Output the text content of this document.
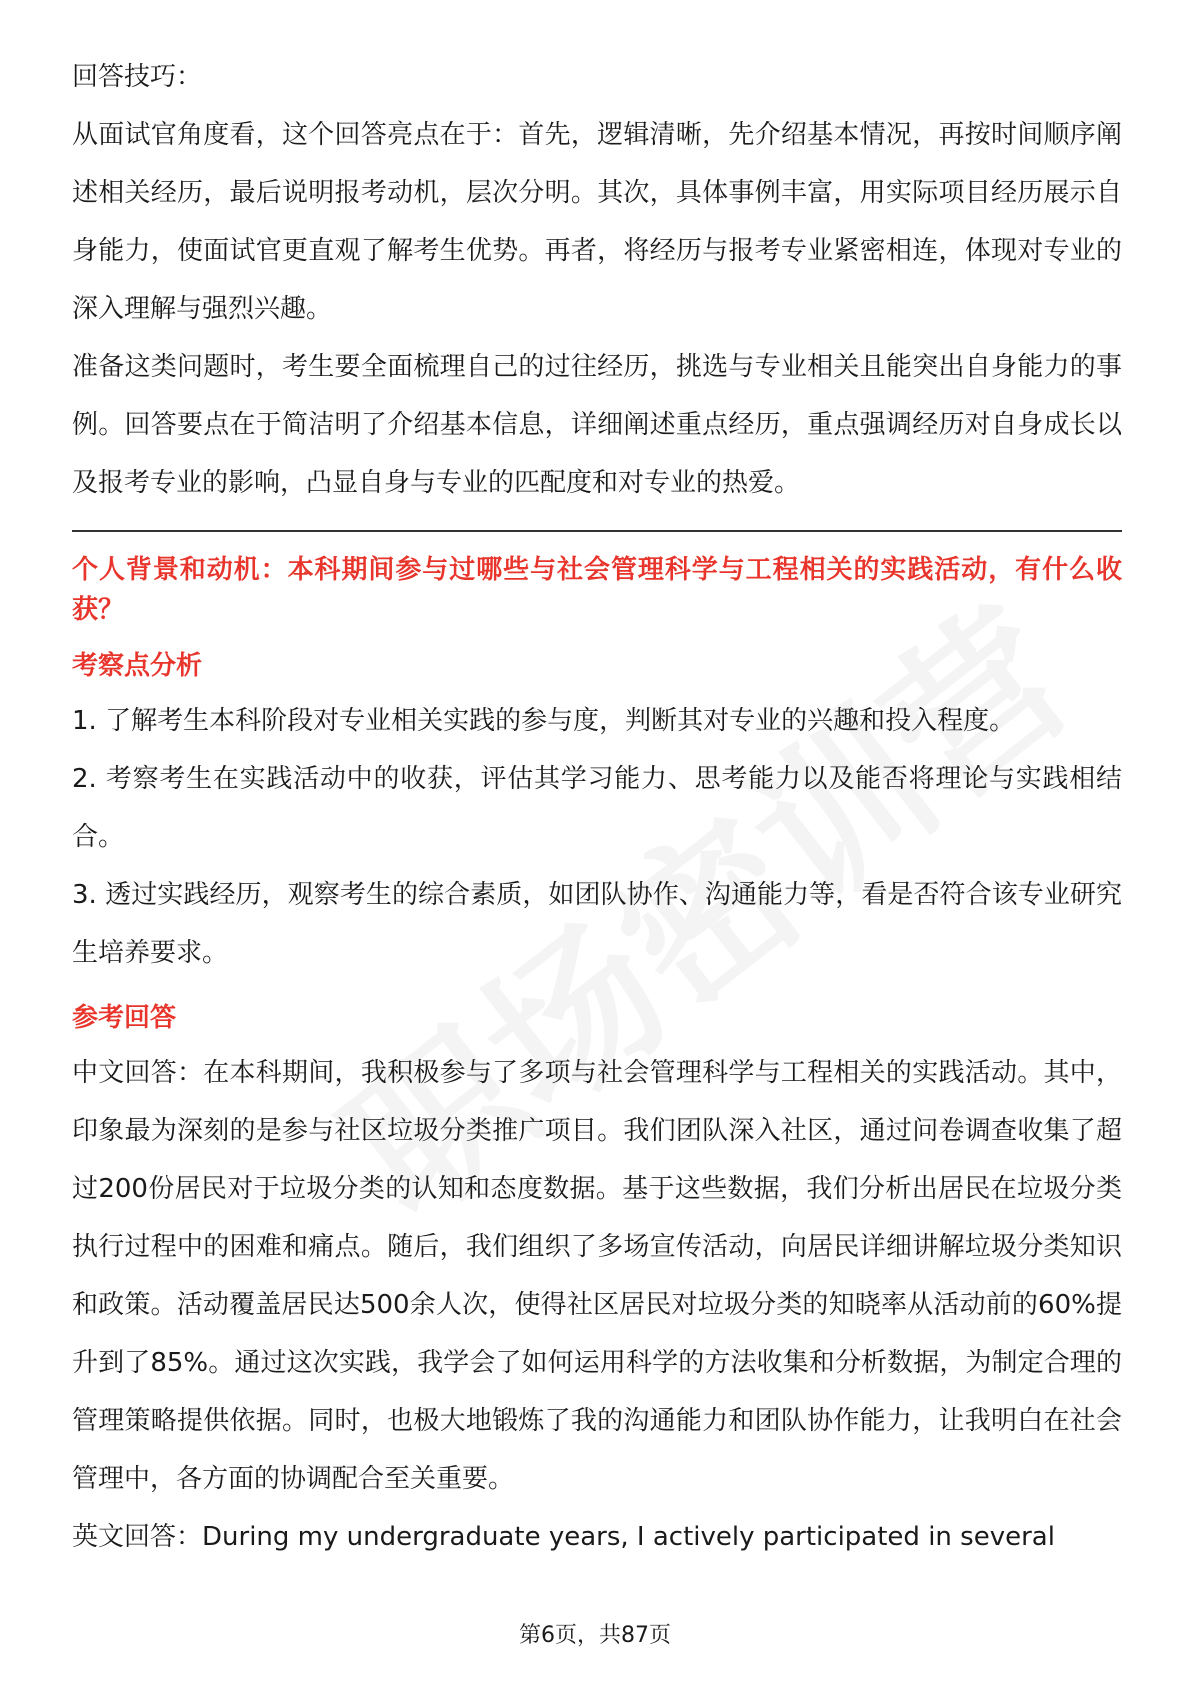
回答技巧：

从面试官角度看，这个回答亮点在于：首先，逻辑清晰，先介绍基本情况，再按时间顺序阐述相关经历，最后说明报考动机，层次分明。其次，具体事例丰富，用实际项目经历展示自身能力，使面试官更直观了解考生优势。再者，将经历与报考专业紧密相连，体现对专业的深入理解与强烈兴趣。

准备这类问题时，考生要全面梳理自己的过往经历，挑选与专业相关且能突出自身能力的事例。回答要点在于简洁明了介绍基本信息，详细阐述重点经历，重点强调经历对自身成长以及报考专业的影响，凸显自身与专业的匹配度和对专业的热爱。

个人背景和动机：本科期间参与过哪些与社会管理科学与工程相关的实践活动，有什么收获？

考察点分析

1. 了解考生本科阶段对专业相关实践的参与度，判断其对专业的兴趣和投入程度。

2. 考察考生在实践活动中的收获，评估其学习能力、思考能力以及能否将理论与实践相结合。

3. 透过实践经历，观察考生的综合素质，如团队协作、沟通能力等，看是否符合该专业研究生培养要求。

参考回答

中文回答：在本科期间，我积极参与了多项与社会管理科学与工程相关的实践活动。其中，印象最为深刻的是参与社区垃圾分类推广项目。我们团队深入社区，通过问卷调查收集了超过200份居民对于垃圾分类的认知和态度数据。基于这些数据，我们分析出居民在垃圾分类执行过程中的困难和痛点。随后，我们组织了多场宣传活动，向居民详细讲解垃圾分类知识和政策。活动覆盖居民达500余人次，使得社区居民对垃圾分类的知晓率从活动前的60%提升到了85%。通过这次实践，我学会了如何运用科学的方法收集和分析数据，为制定合理的管理策略提供依据。同时，也极大地锻炼了我的沟通能力和团队协作能力，让我明白在社会管理中，各方面的协调配合至关重要。

英文回答：During my undergraduate years, I actively participated in several

第6页，共87页
